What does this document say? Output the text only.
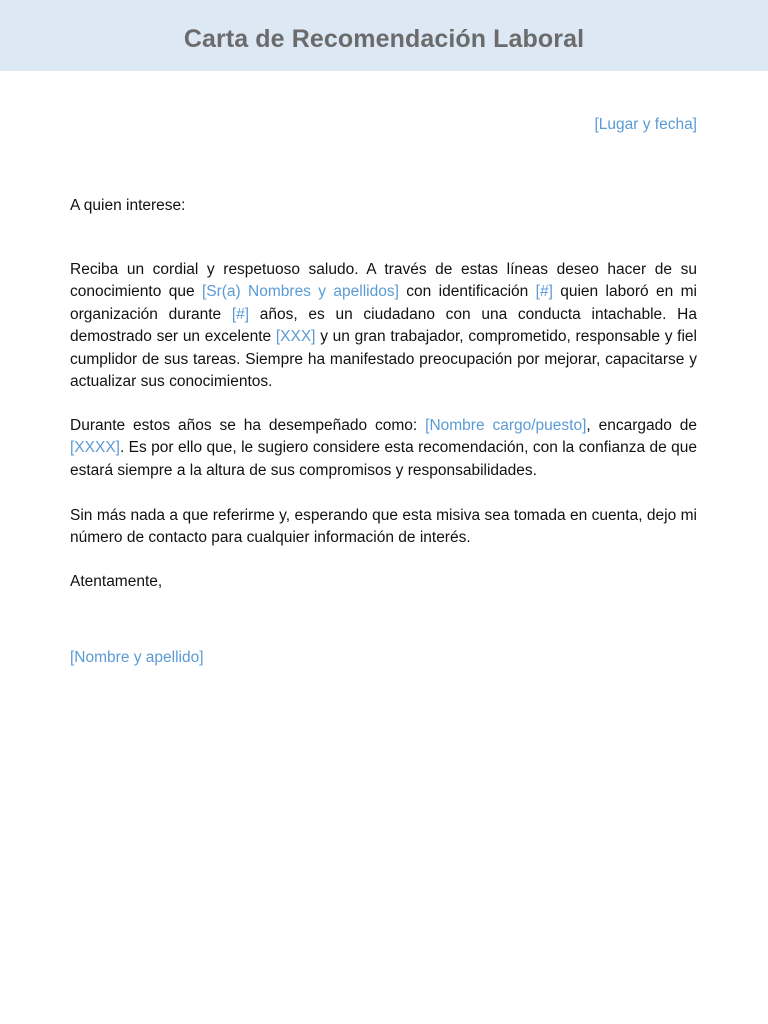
Carta de Recomendación Laboral
[Lugar y fecha]
A quien interese:
Reciba un cordial y respetuoso saludo. A través de estas líneas deseo hacer de su conocimiento que [Sr(a) Nombres y apellidos] con identificación [#] quien laboró en mi organización durante [#] años, es un ciudadano con una conducta intachable. Ha demostrado ser un excelente [XXX] y un gran trabajador, comprometido, responsable y fiel cumplidor de sus tareas. Siempre ha manifestado preocupación por mejorar, capacitarse y actualizar sus conocimientos.
Durante estos años se ha desempeñado como: [Nombre cargo/puesto], encargado de [XXXX]. Es por ello que, le sugiero considere esta recomendación, con la confianza de que estará siempre a la altura de sus compromisos y responsabilidades.
Sin más nada a que referirme y, esperando que esta misiva sea tomada en cuenta, dejo mi número de contacto para cualquier información de interés.
Atentamente,
[Nombre y apellido]
